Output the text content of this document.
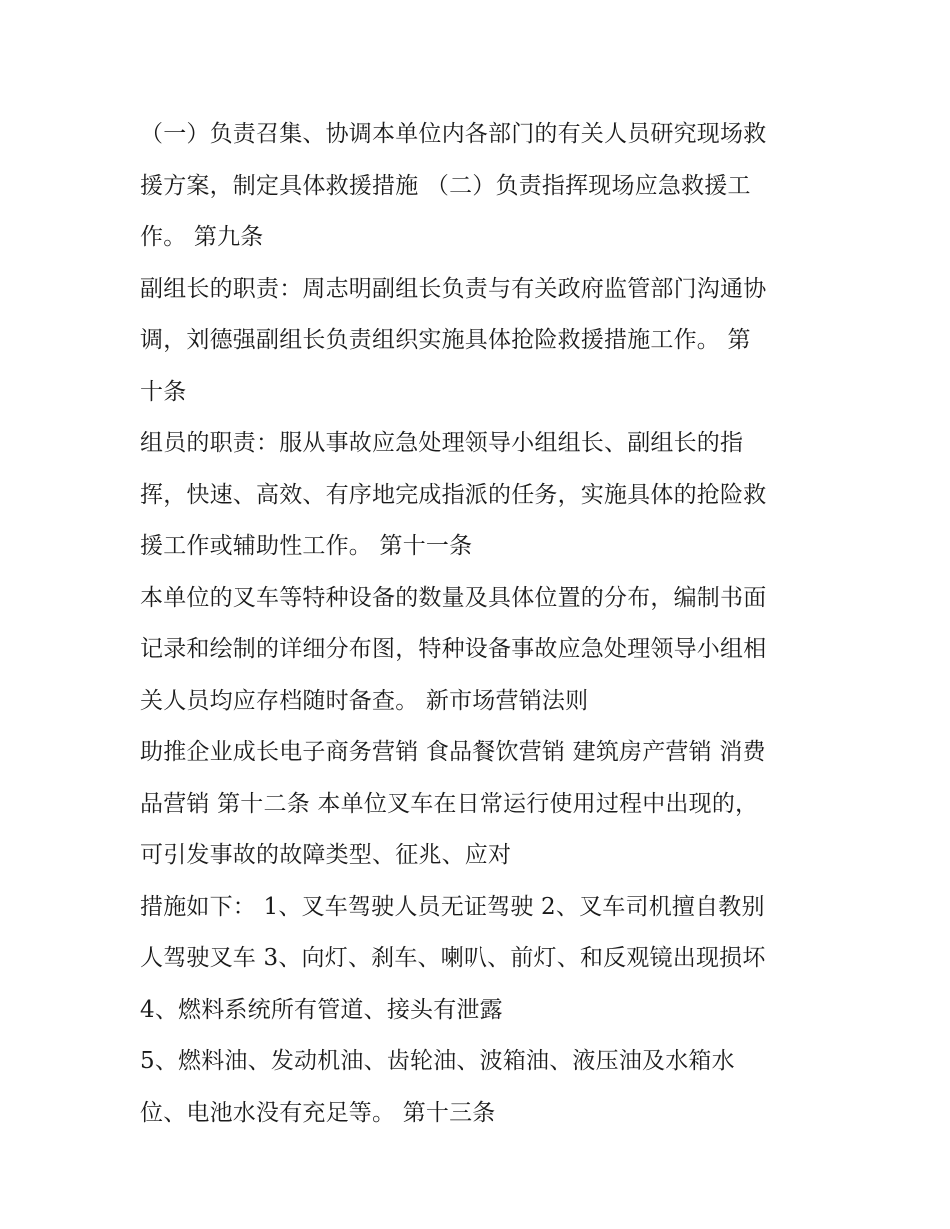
（一）负责召集、协调本单位内各部门的有关人员研究现场救
援方案，制定具体救援措施 （二）负责指挥现场应急救援工
作。 第九条
副组长的职责：周志明副组长负责与有关政府监管部门沟通协
调，刘德强副组长负责组织实施具体抢险救援措施工作。 第
十条
组员的职责：服从事故应急处理领导小组组长、副组长的指
挥，快速、高效、有序地完成指派的任务，实施具体的抢险救
援工作或辅助性工作。 第十一条
本单位的叉车等特种设备的数量及具体位置的分布，编制书面
记录和绘制的详细分布图，特种设备事故应急处理领导小组相
关人员均应存档随时备查。 新市场营销法则
助推企业成长电子商务营销 食品餐饮营销 建筑房产营销 消费
品营销 第十二条 本单位叉车在日常运行使用过程中出现的，
可引发事故的故障类型、征兆、应对
措施如下： 1、叉车驾驶人员无证驾驶 2、叉车司机擅自教别
人驾驶叉车 3、向灯、刹车、喇叭、前灯、和反观镜出现损坏
4、燃料系统所有管道、接头有泄露
5、燃料油、发动机油、齿轮油、波箱油、液压油及水箱水
位、电池水没有充足等。 第十三条
